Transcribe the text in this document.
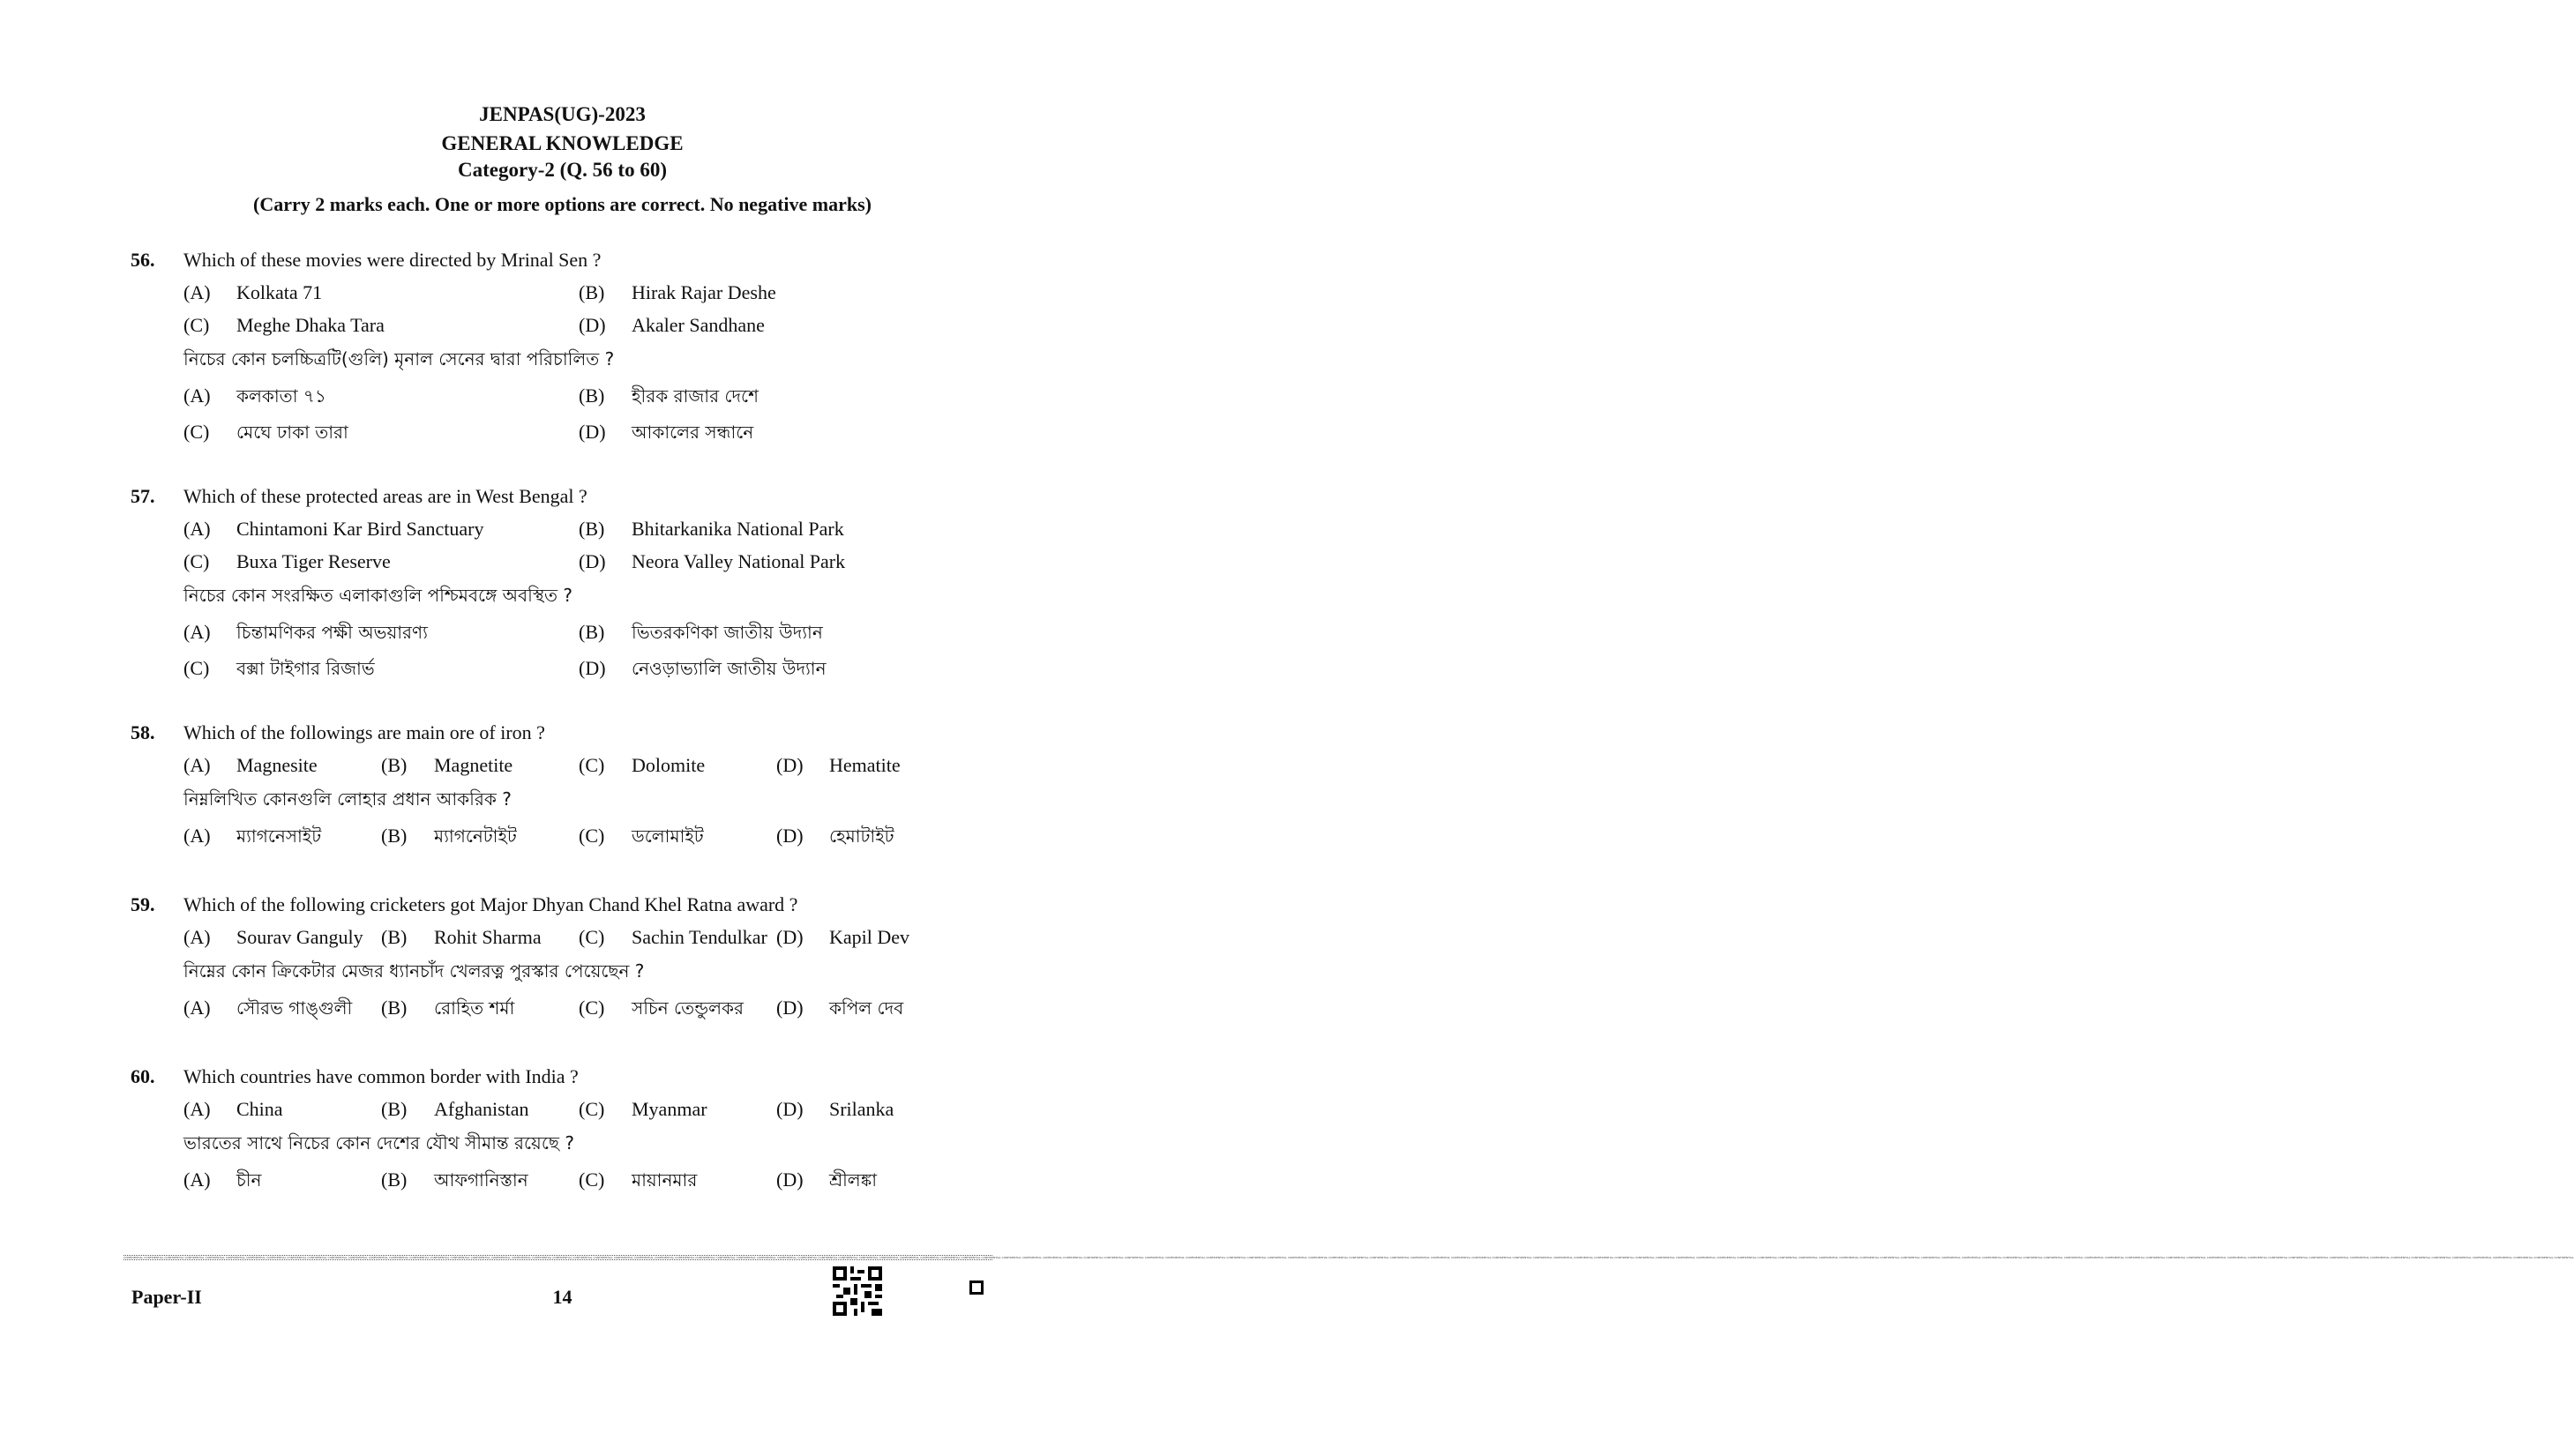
JENPAS(UG)-2023
GENERAL KNOWLEDGE
Category-2 (Q. 56 to 60)
(Carry 2 marks each. One or more options are correct. No negative marks)
56. Which of these movies were directed by Mrinal Sen ?
(A) Kolkata 71	(B) Hirak Rajar Deshe
(C) Meghe Dhaka Tara	(D) Akaler Sandhane
নিচের কোন চলচ্চিত্রটি(গুলি) মৃনাল সেনের দ্বারা পরিচালিত ?
(A) কলকাতা ৭১	(B) হীরক রাজার দেশে
(C) মেঘে ঢাকা তারা	(D) আকালের সন্ধানে
57. Which of these protected areas are in West Bengal ?
(A) Chintamoni Kar Bird Sanctuary	(B) Bhitarkanika National Park
(C) Buxa Tiger Reserve	(D) Neora Valley National Park
নিচের কোন সংরক্ষিত এলাকাগুলি পশ্চিমবঙ্গে অবস্থিত ?
(A) চিন্তামণিকর পক্ষী অভয়ারণ্য	(B) ভিতরকণিকা জাতীয় উদ্যান
(C) বক্সা টাইগার রিজার্ভ	(D) নেওড়াভ্যালি জাতীয় উদ্যান
58. Which of the followings are main ore of iron ?
(A) Magnesite	(B) Magnetite	(C) Dolomite	(D) Hematite
নিম্নলিখিত কোনগুলি লোহার প্রধান আকরিক ?
(A) ম্যাগনেসাইট	(B) ম্যাগনেটাইট	(C) ডলোমাইট	(D) হেমাটাইট
59. Which of the following cricketers got Major Dhyan Chand Khel Ratna award ?
(A) Sourav Ganguly (B) Rohit Sharma (C) Sachin Tendulkar (D) Kapil Dev
নিম্নের কোন ক্রিকেটার মেজর ধ্যানচাঁদ খেলরত্ন পুরস্কার পেয়েছেন ?
(A) সৌরভ গাঙ্গুলী (B) রোহিত শর্মা	(C) সচিন তেন্ডুলকর (D) কপিল দেব
60. Which countries have common border with India ?
(A) China	(B) Afghanistan	(C) Myanmar	(D) Srilanka
ভারতের সাথে নিচের কোন দেশের যৌথ সীমান্ত রয়েছে ?
(A) চীন	(B) আফগানিস্তান	(C) মায়ানমার	(D) শ্রীলঙ্কা
CONFIDENTIAL CONFIDENTIAL CONFIDENTIAL CONFIDENTIAL CONFIDENTIAL CONFIDENTIAL CONFIDENTIAL CONFIDENTIAL CONFIDENTIAL CONFIDENTIAL CONFIDENTIAL CONFIDENTIAL CONFIDENTIAL CONFIDENTIAL CONFIDENTIAL CONFIDENTIAL CONFIDENTIAL CONFIDENTIAL CONFIDENTIAL CONFIDENTIAL CONFIDENTIAL CONFIDENTIAL CONFIDENTIAL CONFIDENTIAL CONFIDENTIAL CONFIDENTIAL CONFIDENTIAL CONFIDENTIAL CONFIDENTIAL CONFIDENTIAL CONFIDENTIAL CONFIDENTIAL CONFIDENTIAL CONFIDENTIAL CONFIDENTIAL CONFIDENTIAL CONFIDENTIAL CONFIDENTIAL CONFIDENTIAL CONFIDENTIAL CONFIDENTIAL CONFIDENTIAL CONFIDENTIAL CONFIDENTIAL CONFIDENTIAL CONFIDENTIAL CONFIDENTIAL CONFIDENTIAL CONFIDENTIAL CONFIDENTIAL CONFIDENTIAL CONFIDENTIAL CONFIDENTIAL CONFIDENTIAL CONFIDENTIAL CONFIDENTIAL CONFIDENTIAL CONFIDENTIAL CONFIDENTIAL CONFIDENTIAL CONFIDENTIAL CONFIDENTIAL CONFIDENTIAL CONFIDENTIAL CONFIDENTIAL CONFIDENTIAL CONFIDENTIAL CONFIDENTIAL CONFIDENTIAL CONFIDENTIAL CONFIDENTIAL CONFIDENTIAL CONFIDENTIAL CONFIDENTIAL CONFIDENTIAL CONFIDENTIAL CONFIDENTIAL CONFIDENTIAL CONFIDENTIAL CONFIDENTIAL CONFIDENTIAL CONFIDENTIAL CONFIDENTIAL CONFIDENTIAL CONFIDENTIAL CONFIDENTIAL CONFIDENTIAL CONFIDENTIAL CONFIDENTIAL CONFIDENTIAL CONFIDENTIAL CONFIDENTIAL CONFIDENTIAL CONFIDENTIAL CONFIDENTIAL CONFIDENTIAL CONFIDENTIAL CONFIDENTIAL CONFIDENTIAL CONFIDENTIAL CONFIDENTIAL CONFIDENTIAL CONFIDENTIAL CONFIDENTIAL CONFIDENTIAL CONFIDENTIAL CONFIDENTIAL CONFIDENTIAL CONFIDENTIAL CONFIDENTIAL CONFIDENTIAL CONFIDENTIAL CONFIDENTIAL CONFIDENTIAL CONFIDENTIAL CONFIDENTIAL CONFIDENTIAL CONFIDENTIAL CONFIDENTIAL CONFIDENTIAL
Paper-II	14
